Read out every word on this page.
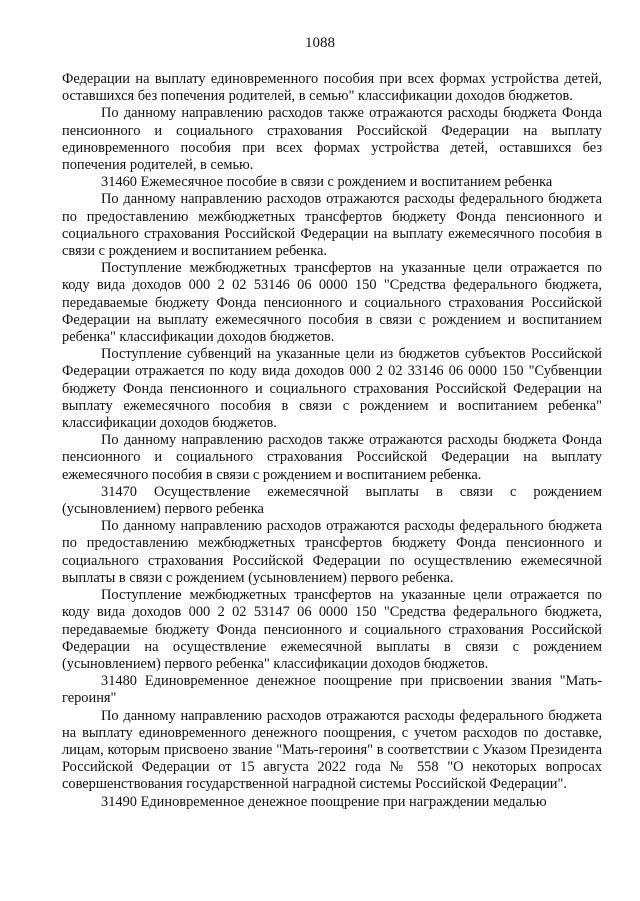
1088

Федерации на выплату единовременного пособия при всех формах устройства детей, оставшихся без попечения родителей, в семью" классификации доходов бюджетов.

По данному направлению расходов также отражаются расходы бюджета Фонда пенсионного и социального страхования Российской Федерации на выплату единовременного пособия при всех формах устройства детей, оставшихся без попечения родителей, в семью.

31460 Ежемесячное пособие в связи с рождением и воспитанием ребенка

По данному направлению расходов отражаются расходы федерального бюджета по предоставлению межбюджетных трансфертов бюджету Фонда пенсионного и социального страхования Российской Федерации на выплату ежемесячного пособия в связи с рождением и воспитанием ребенка.

Поступление межбюджетных трансфертов на указанные цели отражается по коду вида доходов 000 2 02 53146 06 0000 150 "Средства федерального бюджета, передаваемые бюджету Фонда пенсионного и социального страхования Российской Федерации на выплату ежемесячного пособия в связи с рождением и воспитанием ребенка" классификации доходов бюджетов.

Поступление субвенций на указанные цели из бюджетов субъектов Российской Федерации отражается по коду вида доходов 000 2 02 33146 06 0000 150 "Субвенции бюджету Фонда пенсионного и социального страхования Российской Федерации на выплату ежемесячного пособия в связи с рождением и воспитанием ребенка" классификации доходов бюджетов.

По данному направлению расходов также отражаются расходы бюджета Фонда пенсионного и социального страхования Российской Федерации на выплату ежемесячного пособия в связи с рождением и воспитанием ребенка.

31470 Осуществление ежемесячной выплаты в связи с рождением (усыновлением) первого ребенка

По данному направлению расходов отражаются расходы федерального бюджета по предоставлению межбюджетных трансфертов бюджету Фонда пенсионного и социального страхования Российской Федерации по осуществлению ежемесячной выплаты в связи с рождением (усыновлением) первого ребенка.

Поступление межбюджетных трансфертов на указанные цели отражается по коду вида доходов 000 2 02 53147 06 0000 150 "Средства федерального бюджета, передаваемые бюджету Фонда пенсионного и социального страхования Российской Федерации на осуществление ежемесячной выплаты в связи с рождением (усыновлением) первого ребенка" классификации доходов бюджетов.

31480 Единовременное денежное поощрение при присвоении звания "Мать-героиня"

По данному направлению расходов отражаются расходы федерального бюджета на выплату единовременного денежного поощрения, с учетом расходов по доставке, лицам, которым присвоено звание "Мать-героиня" в соответствии с Указом Президента Российской Федерации от 15 августа 2022 года № 558 "О некоторых вопросах совершенствования государственной наградной системы Российской Федерации".

31490 Единовременное денежное поощрение при награждении медалью
